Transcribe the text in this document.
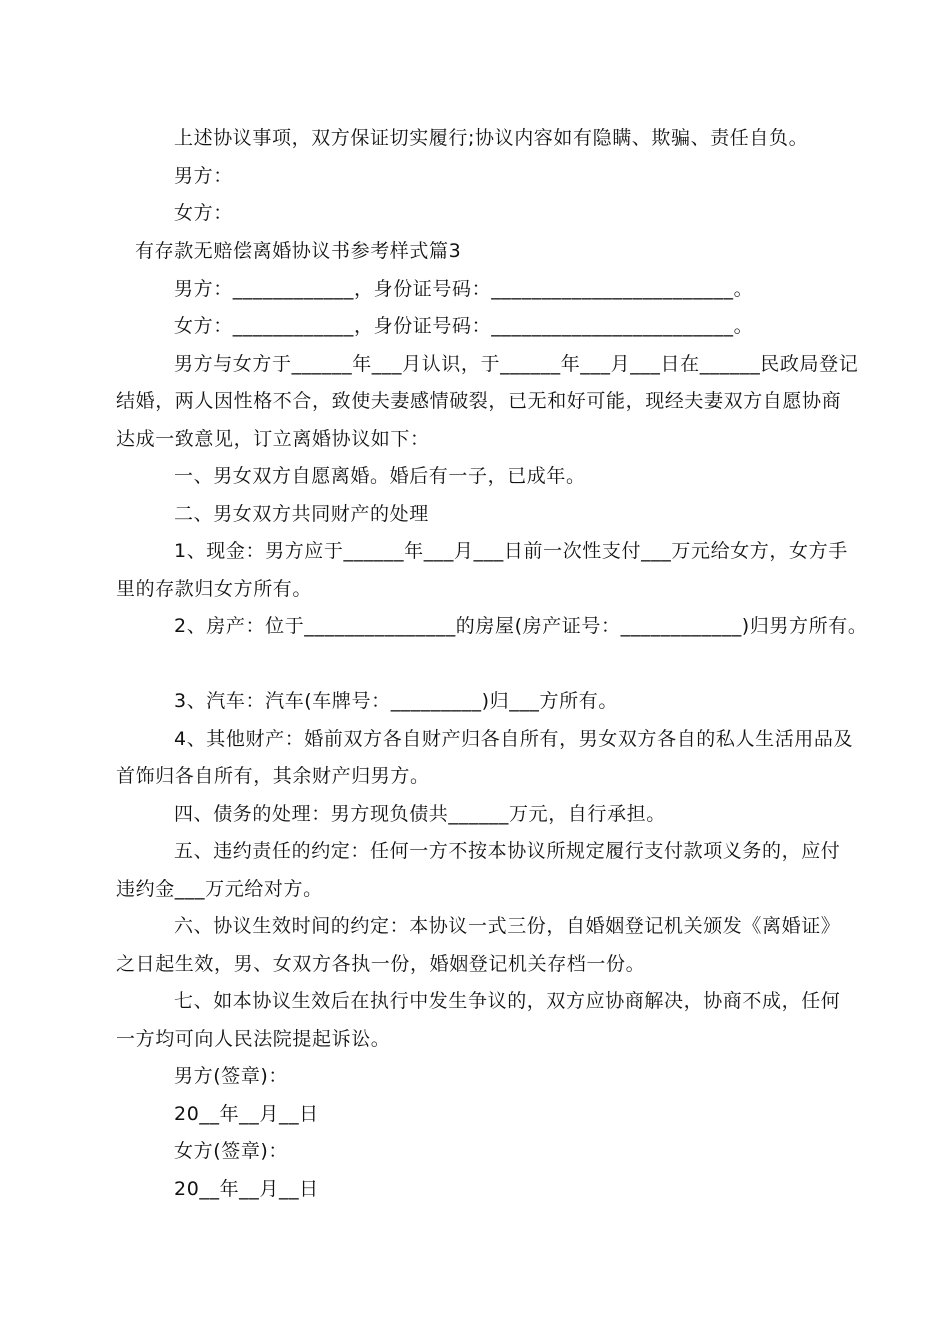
上述协议事项，双方保证切实履行;协议内容如有隐瞒、欺骗、责任自负。

男方：

女方：

有存款无赔偿离婚协议书参考样式篇3

男方：____________，身份证号码：________________________。

女方：____________，身份证号码：________________________。

男方与女方于______年___月认识，于______年___月___日在______民政局登记

结婚，两人因性格不合，致使夫妻感情破裂，已无和好可能，现经夫妻双方自愿协商

达成一致意见，订立离婚协议如下：

一、男女双方自愿离婚。婚后有一子，已成年。

二、男女双方共同财产的处理

1、现金：男方应于______年___月___日前一次性支付___万元给女方，女方手

里的存款归女方所有。

2、房产：位于_______________的房屋(房产证号：____________)归男方所有。

3、汽车：汽车(车牌号：_________)归___方所有。

4、其他财产：婚前双方各自财产归各自所有，男女双方各自的私人生活用品及

首饰归各自所有，其余财产归男方。

四、债务的处理：男方现负债共______万元，自行承担。

五、违约责任的约定：任何一方不按本协议所规定履行支付款项义务的，应付

违约金___万元给对方。

六、协议生效时间的约定：本协议一式三份，自婚姻登记机关颁发《离婚证》

之日起生效，男、女双方各执一份，婚姻登记机关存档一份。

七、如本协议生效后在执行中发生争议的，双方应协商解决，协商不成，任何

一方均可向人民法院提起诉讼。

男方(签章)：

20__年__月__日

女方(签章)：

20__年__月__日
